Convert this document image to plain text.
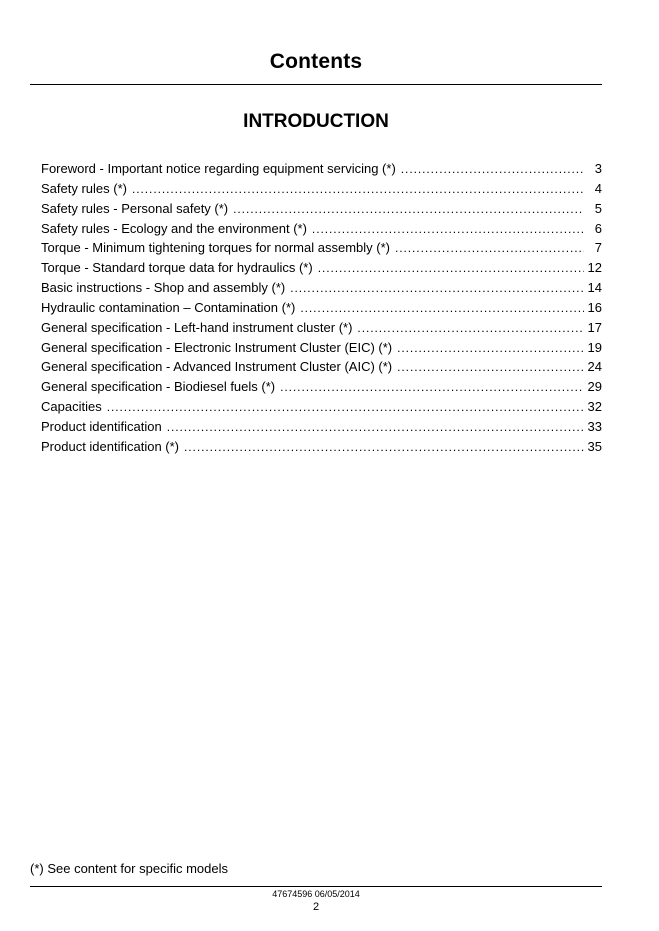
Contents
INTRODUCTION
Foreword - Important notice regarding equipment servicing (*) . . .	3
Safety rules (*) . . .	4
Safety rules - Personal safety (*) . . .	5
Safety rules - Ecology and the environment (*) . . .	6
Torque - Minimum tightening torques for normal assembly (*) . . .	7
Torque - Standard torque data for hydraulics (*) . . .	12
Basic instructions - Shop and assembly (*) . . .	14
Hydraulic contamination – Contamination (*) . . .	16
General specification - Left-hand instrument cluster (*) . . .	17
General specification - Electronic Instrument Cluster (EIC) (*) . . .	19
General specification - Advanced Instrument Cluster (AIC) (*) . . .	24
General specification - Biodiesel fuels (*) . . .	29
Capacities . . .	32
Product identification . . .	33
Product identification (*) . . .	35
(*) See content for specific models
47674596 06/05/2014
2
